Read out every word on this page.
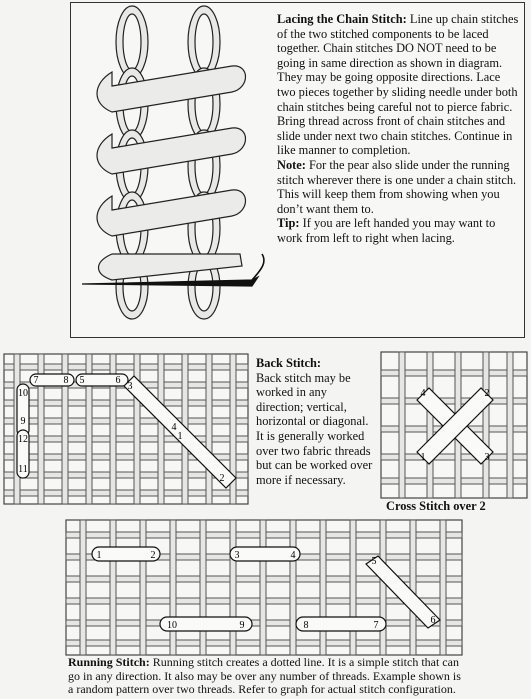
Lacing the Chain Stitch: Line up chain stitches of the two stitched components to be laced together. Chain stitches DO NOT need to be going in same direction as shown in diagram. They may be going opposite directions. Lace two pieces together by sliding needle under both chain stitches being careful not to pierce fabric. Bring thread across front of chain stitches and slide under next two chain stitches. Continue in like manner to completion.
Note: For the pear also slide under the running stitch wherever there is one under a chain stitch. This will keep them from showing when you don’t want them to.
Tip: If you are left handed you may want to work from left to right when lacing.
7	8 5	6
3
4
1
2
10
9
12
11
Back Stitch:
Back stitch may be worked in any direction; vertical, horizontal or diagonal. It is generally worked over two fabric threads but can be worked over more if necessary.
4	2
1	3
Cross Stitch over 2
1	2	3	4
5
6
10	9	8	7
Running Stitch: Running stitch creates a dotted line. It is a simple stitch that can go in any direction. It also may be over any number of threads. Example shown is a random pattern over two threads. Refer to graph for actual stitch configuration.
